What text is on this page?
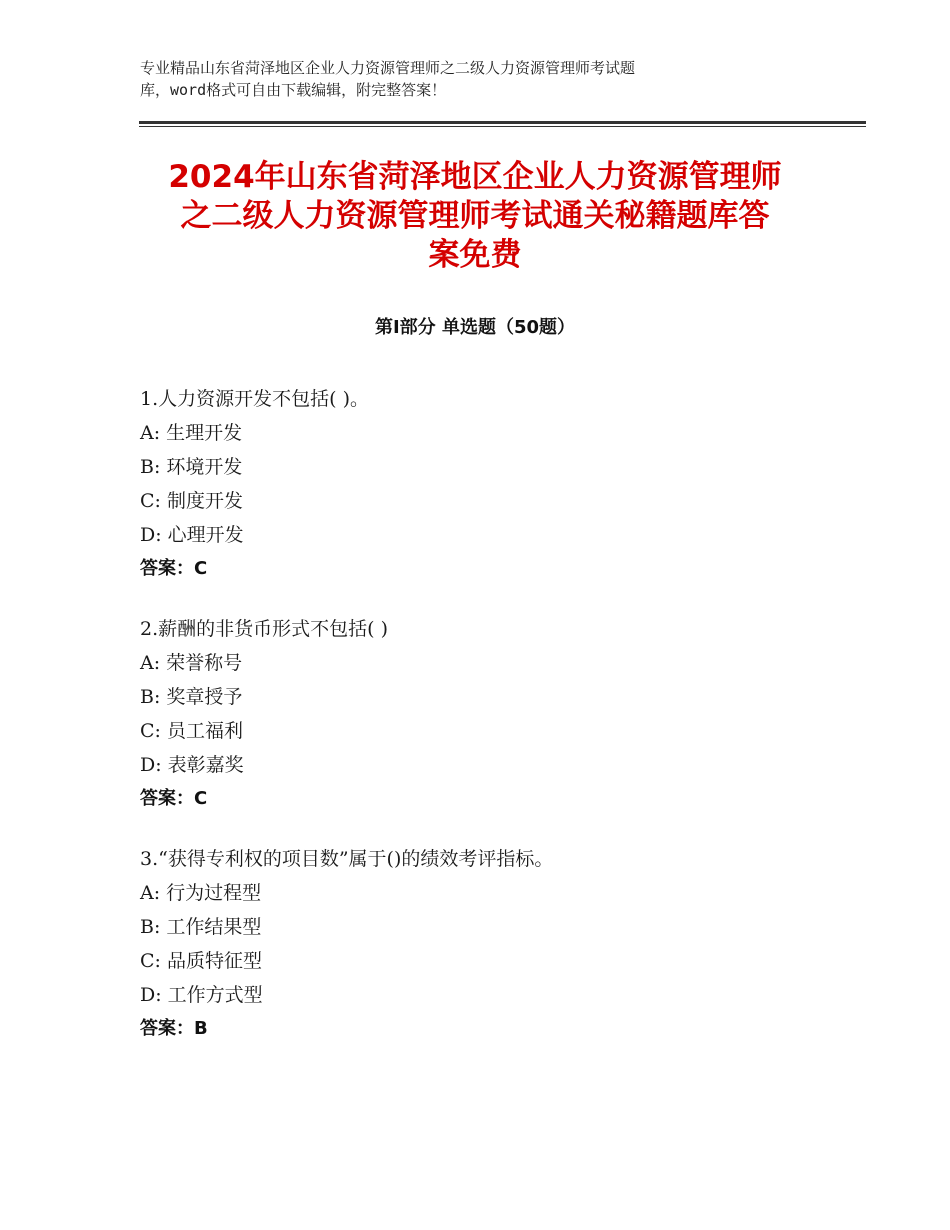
专业精品山东省菏泽地区企业人力资源管理师之二级人力资源管理师考试题
库，word格式可自由下载编辑，附完整答案！
2024年山东省菏泽地区企业人力资源管理师
之二级人力资源管理师考试通关秘籍题库答
案免费
第Ⅰ部分 单选题（50题）
1.人力资源开发不包括( )。
A: 生理开发
B: 环境开发
C: 制度开发
D: 心理开发
答案：C
2.薪酬的非货币形式不包括( )
A: 荣誉称号
B: 奖章授予
C: 员工福利
D: 表彰嘉奖
答案：C
3.“获得专利权的项目数”属于()的绩效考评指标。
A: 行为过程型
B: 工作结果型
C: 品质特征型
D: 工作方式型
答案：B
